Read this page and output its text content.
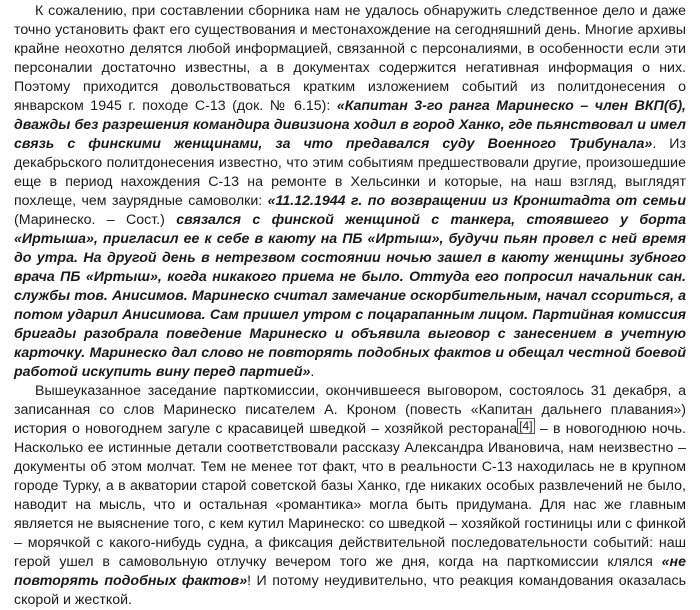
К сожалению, при составлении сборника нам не удалось обнаружить следственное дело и даже точно установить факт его существования и местонахождение на сегодняшний день. Многие архивы крайне неохотно делятся любой информацией, связанной с персоналиями, в особенности если эти персоналии достаточно известны, а в документах содержится негативная информация о них. Поэтому приходится довольствоваться кратким изложением событий из политдонесения о январском 1945 г. походе С-13 (док. № 6.15): «Капитан 3-го ранга Маринеско – член ВКП(б), дважды без разрешения командира дивизиона ходил в город Ханко, где пьянствовал и имел связь с финскими женщинами, за что предавался суду Военного Трибунала». Из декабрьского политдонесения известно, что этим событиям предшествовали другие, произошедшие еще в период нахождения С-13 на ремонте в Хельсинки и которые, на наш взгляд, выглядят похлеще, чем заурядные самоволки: «11.12.1944 г. по возвращении из Кронштадта от семьи (Маринеско. – Сост.) связался с финской женщиной с танкера, стоявшего у борта «Иртыша», пригласил ее к себе в каюту на ПБ «Иртыш», будучи пьян провел с ней время до утра. На другой день в нетрезвом состоянии ночью зашел в каюту женщины зубного врача ПБ «Иртыш», когда никакого приема не было. Оттуда его попросил начальник сан. службы тов. Анисимов. Маринеско считал замечание оскорбительным, начал ссориться, а потом ударил Анисимова. Сам пришел утром с поцарапанным лицом. Партийная комиссия бригады разобрала поведение Маринеско и объявила выговор с занесением в учетную карточку. Маринеско дал слово не повторять подобных фактов и обещал честной боевой работой искупить вину перед партией».

Вышеуказанное заседание парткомиссии, окончившееся выговором, состоялось 31 декабря, а записанная со слов Маринеско писателем А. Кроном (повесть «Капитан дальнего плавания») история о новогоднем загуле с красавицей шведкой – хозяйкой ресторана [4] – в новогоднюю ночь. Насколько ее истинные детали соответствовали рассказу Александра Ивановича, нам неизвестно – документы об этом молчат. Тем не менее тот факт, что в реальности С-13 находилась не в крупном городе Турку, а в акватории старой советской базы Ханко, где никаких особых развлечений не было, наводит на мысль, что и остальная «романтика» могла быть придумана. Для нас же главным является не выяснение того, с кем кутил Маринеско: со шведкой – хозяйкой гостиницы или с финкой – морячкой с какого-нибудь судна, а фиксация действительной последовательности событий: наш герой ушел в самовольную отлучку вечером того же дня, когда на парткомиссии клялся «не повторять подобных фактов»! И потому неудивительно, что реакция командования оказалась скорой и жесткой.
